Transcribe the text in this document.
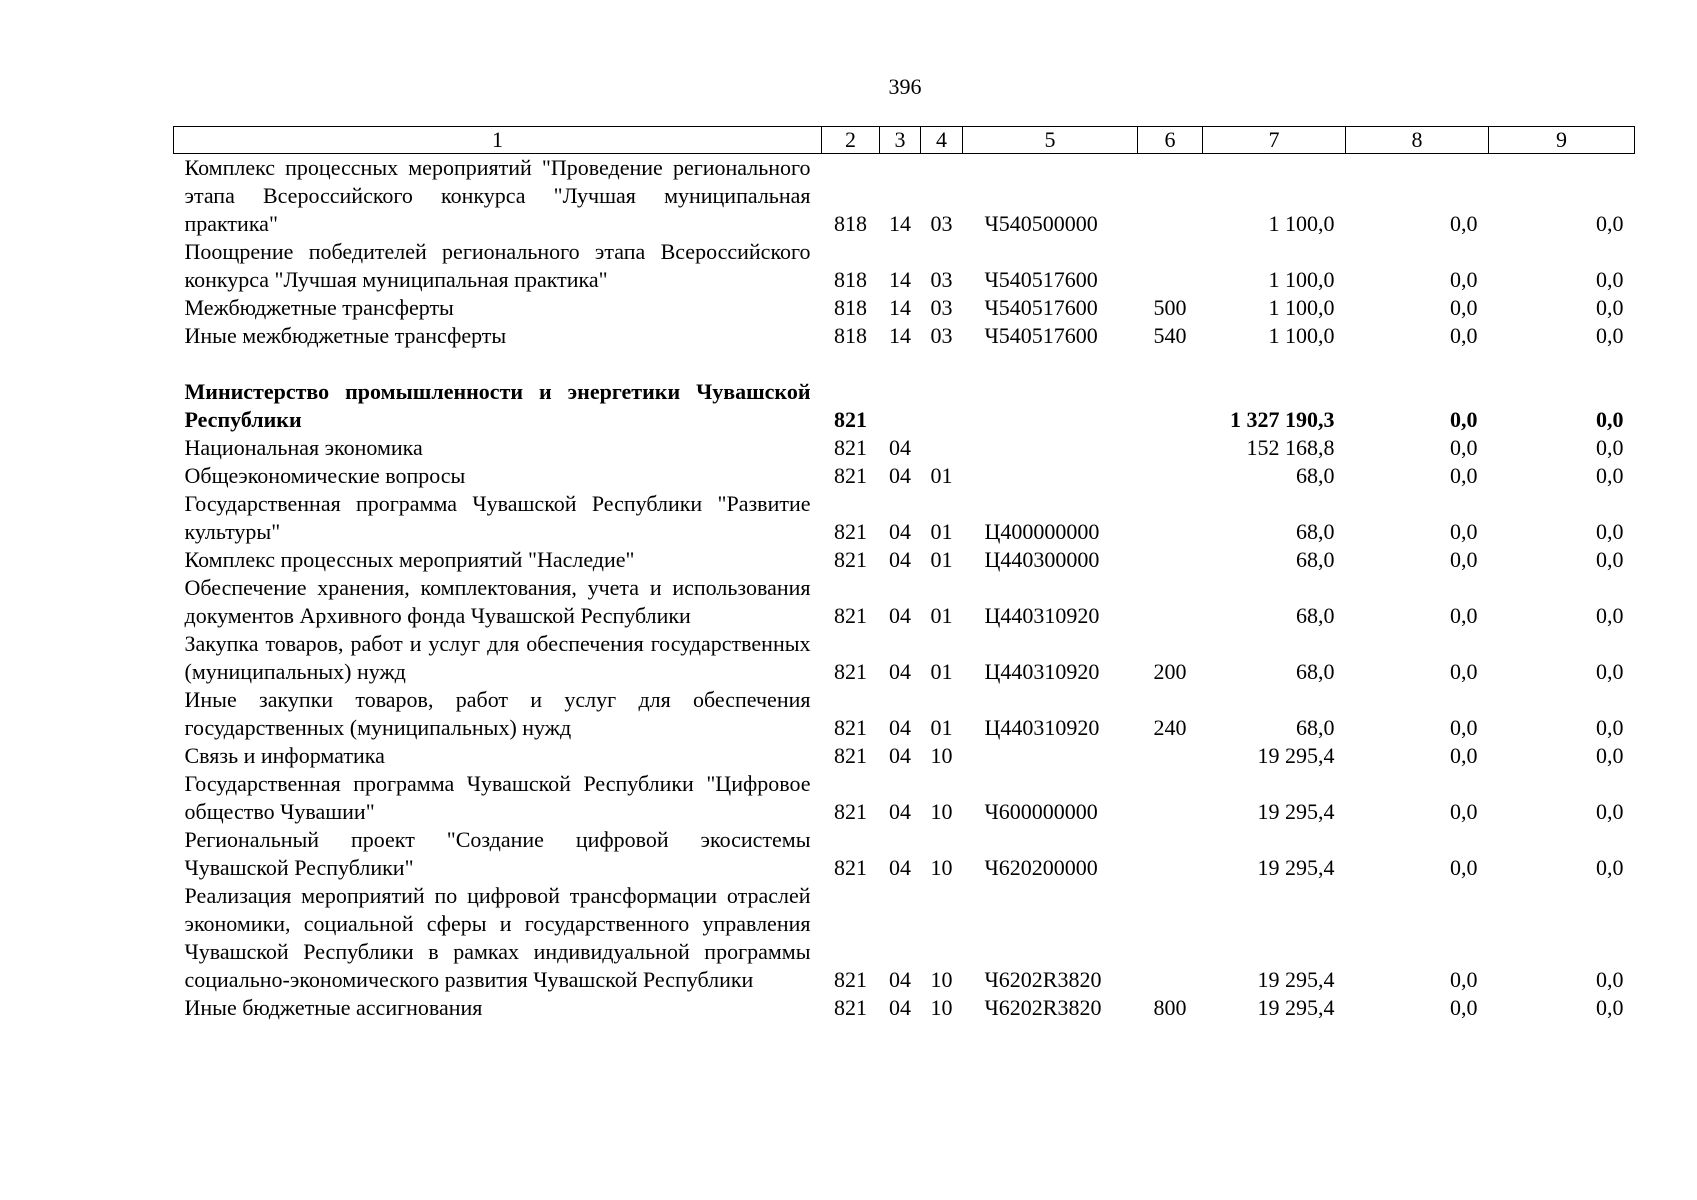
396
1	2	3	4	5	6	7	8	9
Комплекс процессных мероприятий "Проведение регионального этапа Всероссийского конкурса "Лучшая муниципальная практика"	818	14	03	Ч540500000		1 100,0	0,0	0,0
Поощрение победителей регионального этапа Всероссийского конкурса "Лучшая муниципальная практика"	818	14	03	Ч540517600		1 100,0	0,0	0,0
Межбюджетные трансферты	818	14	03	Ч540517600	500	1 100,0	0,0	0,0
Иные межбюджетные трансферты	818	14	03	Ч540517600	540	1 100,0	0,0	0,0

Министерство промышленности и энергетики Чувашской Республики	821					1 327 190,3	0,0	0,0
Национальная экономика	821	04				152 168,8	0,0	0,0
Общеэкономические вопросы	821	04	01			68,0	0,0	0,0
Государственная программа Чувашской Республики "Развитие культуры"	821	04	01	Ц400000000		68,0	0,0	0,0
Комплекс процессных мероприятий "Наследие"	821	04	01	Ц440300000		68,0	0,0	0,0
Обеспечение хранения, комплектования, учета и использования документов Архивного фонда Чувашской Республики	821	04	01	Ц440310920		68,0	0,0	0,0
Закупка товаров, работ и услуг для обеспечения государственных (муниципальных) нужд	821	04	01	Ц440310920	200	68,0	0,0	0,0
Иные закупки товаров, работ и услуг для обеспечения государственных (муниципальных) нужд	821	04	01	Ц440310920	240	68,0	0,0	0,0
Связь и информатика	821	04	10			19 295,4	0,0	0,0
Государственная программа Чувашской Республики "Цифровое общество Чувашии"	821	04	10	Ч600000000		19 295,4	0,0	0,0
Региональный проект "Создание цифровой экосистемы Чувашской Республики"	821	04	10	Ч620200000		19 295,4	0,0	0,0
Реализация мероприятий по цифровой трансформации отраслей экономики, социальной сферы и государственного управления Чувашской Республики в рамках индивидуальной программы социально-экономического развития Чувашской Республики	821	04	10	Ч6202R3820		19 295,4	0,0	0,0
Иные бюджетные ассигнования	821	04	10	Ч6202R3820	800	19 295,4	0,0	0,0
